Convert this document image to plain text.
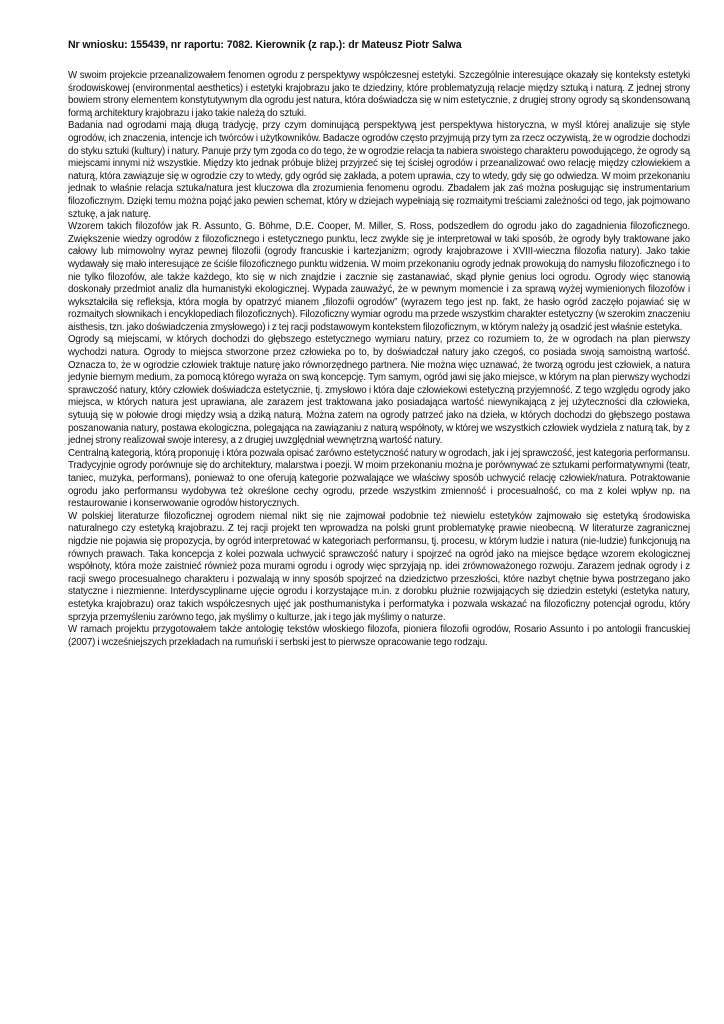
Nr wniosku: 155439, nr raportu: 7082. Kierownik (z rap.): dr Mateusz Piotr Salwa

W swoim projekcie przeanalizowałem fenomen ogrodu z perspektywy współczesnej estetyki. Szczególnie interesujące okazały się konteksty estetyki środowiskowej (environmental aesthetics) i estetyki krajobrazu jako te dziedziny, które problematyzują relacje między sztuką i naturą. Z jednej strony bowiem strony elementem konstytutywnym dla ogrodu jest natura, która doświadcza się w nim estetycznie, z drugiej strony ogrody są skondensowaną formą architektury krajobrazu i jako takie należą do sztuki.

Badania nad ogrodami mają długą tradycję, przy czym dominującą perspektywą jest perspektywa historyczna, w myśl której analizuje się style ogrodów, ich znaczenia, intencje ich twórców i użytkowników. Badacze ogrodów często przyjmują przy tym za rzecz oczywistą, że w ogrodzie dochodzi do styku sztuki (kultury) i natury. Panuje przy tym zgoda co do tego, że w ogrodzie relacja ta nabiera swoistego charakteru powodującego, że ogrody są miejscami innymi niż wszystkie. Między kto jednak próbuje bliżej przyjrzeć się tej ścisłej ogrodów i przeanalizować owo relację między człowiekiem a naturą, która zawiązuje się w ogrodzie czy to wtedy, gdy ogród się zakłada, a potem uprawia, czy to wtedy, gdy się go odwiedza. W moim przekonaniu jednak to właśnie relacja sztuka/natura jest kluczowa dla zrozumienia fenomenu ogrodu. Zbadałem jak zaś można posługując się instrumentarium filozoficznym. Dzięki temu można pojąć jako pewien schemat, który w dziejach wypełniają się rozmaitymi treściami zależności od tego, jak pojmowano sztukę, a jak naturę.

Wzorem takich filozofów jak R. Assunto, G. Böhme, D.E. Cooper, M. Miller, S. Ross, podszedłem do ogrodu jako do zagadnienia filozoficznego. Zwiększenie wiedzy ogrodów z filozoficznego i estetycznego punktu, lecz zwykle się je interpretował w taki sposób, że ogrody były traktowane jako całowy lub mimowolny wyraz pewnej filozofii (ogrody francuskie i kartezjanizm; ogrody krajobrazowe i XVIII-wieczna filozofia natury). Jako takie wydawały się mało interesujące ze ściśle filozoficznego punktu widzenia. W moim przekonaniu ogrody jednak prowokują do namysłu filozoficznego i to nie tylko filozofów, ale także każdego, kto się w nich znajdzie i zacznie się zastanawiać, skąd płynie genius loci ogrodu. Ogrody więc stanowią doskonały przedmiot analiz dla humanistyki ekologicznej. Wypada zauważyć, że w pewnym momencie i za sprawą wyżej wymienionych filozofów i wykształciła się refleksja, która mogła by opatrzyć mianem „filozofii ogrodów” (wyrazem tego jest np. fakt, że hasło ogród zaczęło pojawiać się w rozmaitych słownikach i encyklopediach filozoficznych). Filozoficzny wymiar ogrodu ma przede wszystkim charakter estetyczny (w szerokim znaczeniu aisthesis, tzn. jako doświadczenia zmysłowego) i z tej racji podstawowym kontekstem filozoficznym, w którym należy ją osadzić jest właśnie estetyka.

Ogrody są miejscami, w których dochodzi do głębszego estetycznego wymiaru natury, przez co rozumiem to, że w ogrodach na plan pierwszy wychodzi natura. Ogrody to miejsca stworzone przez człowieka po to, by doświadczał natury jako czegoś, co posiada swoją samoistną wartość. Oznacza to, że w ogrodzie człowiek traktuje naturę jako równorzędnego partnera. Nie można więc uznawać, że tworzą ogrodu jest człowiek, a natura jedynie biernym medium, za pomocą którego wyraża on swą koncepcję. Tym samym, ogród jawi się jako miejsce, w którym na plan pierwszy wychodzi sprawczość natury, który człowiek doświadcza estetycznie, tj. zmysłowo i która daje człowiekowi estetyczną przyjemność. Z tego względu ogrody jako miejsca, w których natura jest uprawiana, ale zarazem jest traktowana jako posiadająca wartość niewynikającą z jej użyteczności dla człowieka, sytuują się w połowie drogi między wsią a dziką naturą. Można zatem na ogrody patrzeć jako na dzieła, w których dochodzi do głębszego postawa poszanowania natury, postawa ekologiczna, polegająca na zawiązaniu z naturą współnoty, w której we wszystkich człowiek wydziela z naturą tak, by z jednej strony realizował swoje interesy, a z drugiej uwzględniał wewnętrzną wartość natury.

Centralną kategorią, którą proponuję i która pozwala opisać zarówno estetyczność natury w ogrodach, jak i jej sprawczość, jest kategoria performansu. Tradycyjnie ogrody porównuje się do architektury, malarstwa i poezji. W moim przekonaniu można je porównywać ze sztukami performatywnymi (teatr, taniec, muzyka, performans), ponieważ to one oferują kategorie pozwalające we właściwy sposób uchwycić relację człowiek/natura. Potraktowanie ogrodu jako performansu wydobywa też określone cechy ogrodu, przede wszystkim zmienność i procesualność, co ma z kolei wpływ np. na restaurowanie i konserwowanie ogrodów historycznych.

W polskiej literaturze filozoficznej ogrodem niemal nikt się nie zajmował podobnie też niewielu estetyków zajmowało się estetyką środowiska naturalnego czy estetyką krajobrazu. Z tej racji projekt ten wprowadza na polski grunt problematykę prawie nieobecną. W literaturze zagranicznej nigdzie nie pojawia się propozycja, by ogród interpretować w kategoriach performansu, tj. procesu, w którym ludzie i natura (nie-ludzie) funkcjonują na równych prawach. Taka koncepcja z kolei pozwala uchwycić sprawczość natury i spojrzeć na ogród jako na miejsce będące wzorem ekologicznej współnoty, która może zaistnieć również poza murami ogrodu i ogrody więc sprzyjają np. idei zrównoważonego rozwoju. Zarazem jednak ogrody i z racji swego procesualnego charakteru i pozwalają w inny sposób spojrzeć na dziedzictwo przeszłości, które nazbyt chętnie bywa postrzegano jako statyczne i niezmienne. Interdyscyplinarne ujęcie ogrodu i korzystające m.in. z dorobku płużnie rozwijających się dziedzin estetyki (estetyka natury, estetyka krajobrazu) oraz takich współczesnych ujęć jak posthumanistyka i performatyka i pozwala wskazać na filozoficzny potencjał ogrodu, który sprzyja przemyśleniu zarówno tego, jak myślimy o kulturze, jak i tego jak myślimy o naturze.

W ramach projektu przygotowałem także antologię tekstów włoskiego filozofa, pioniera filozofii ogrodów, Rosario Assunto i po antologii francuskiej (2007) i wcześniejszych przekładach na rumuński i serbski jest to pierwsze opracowanie tego rodzaju.
